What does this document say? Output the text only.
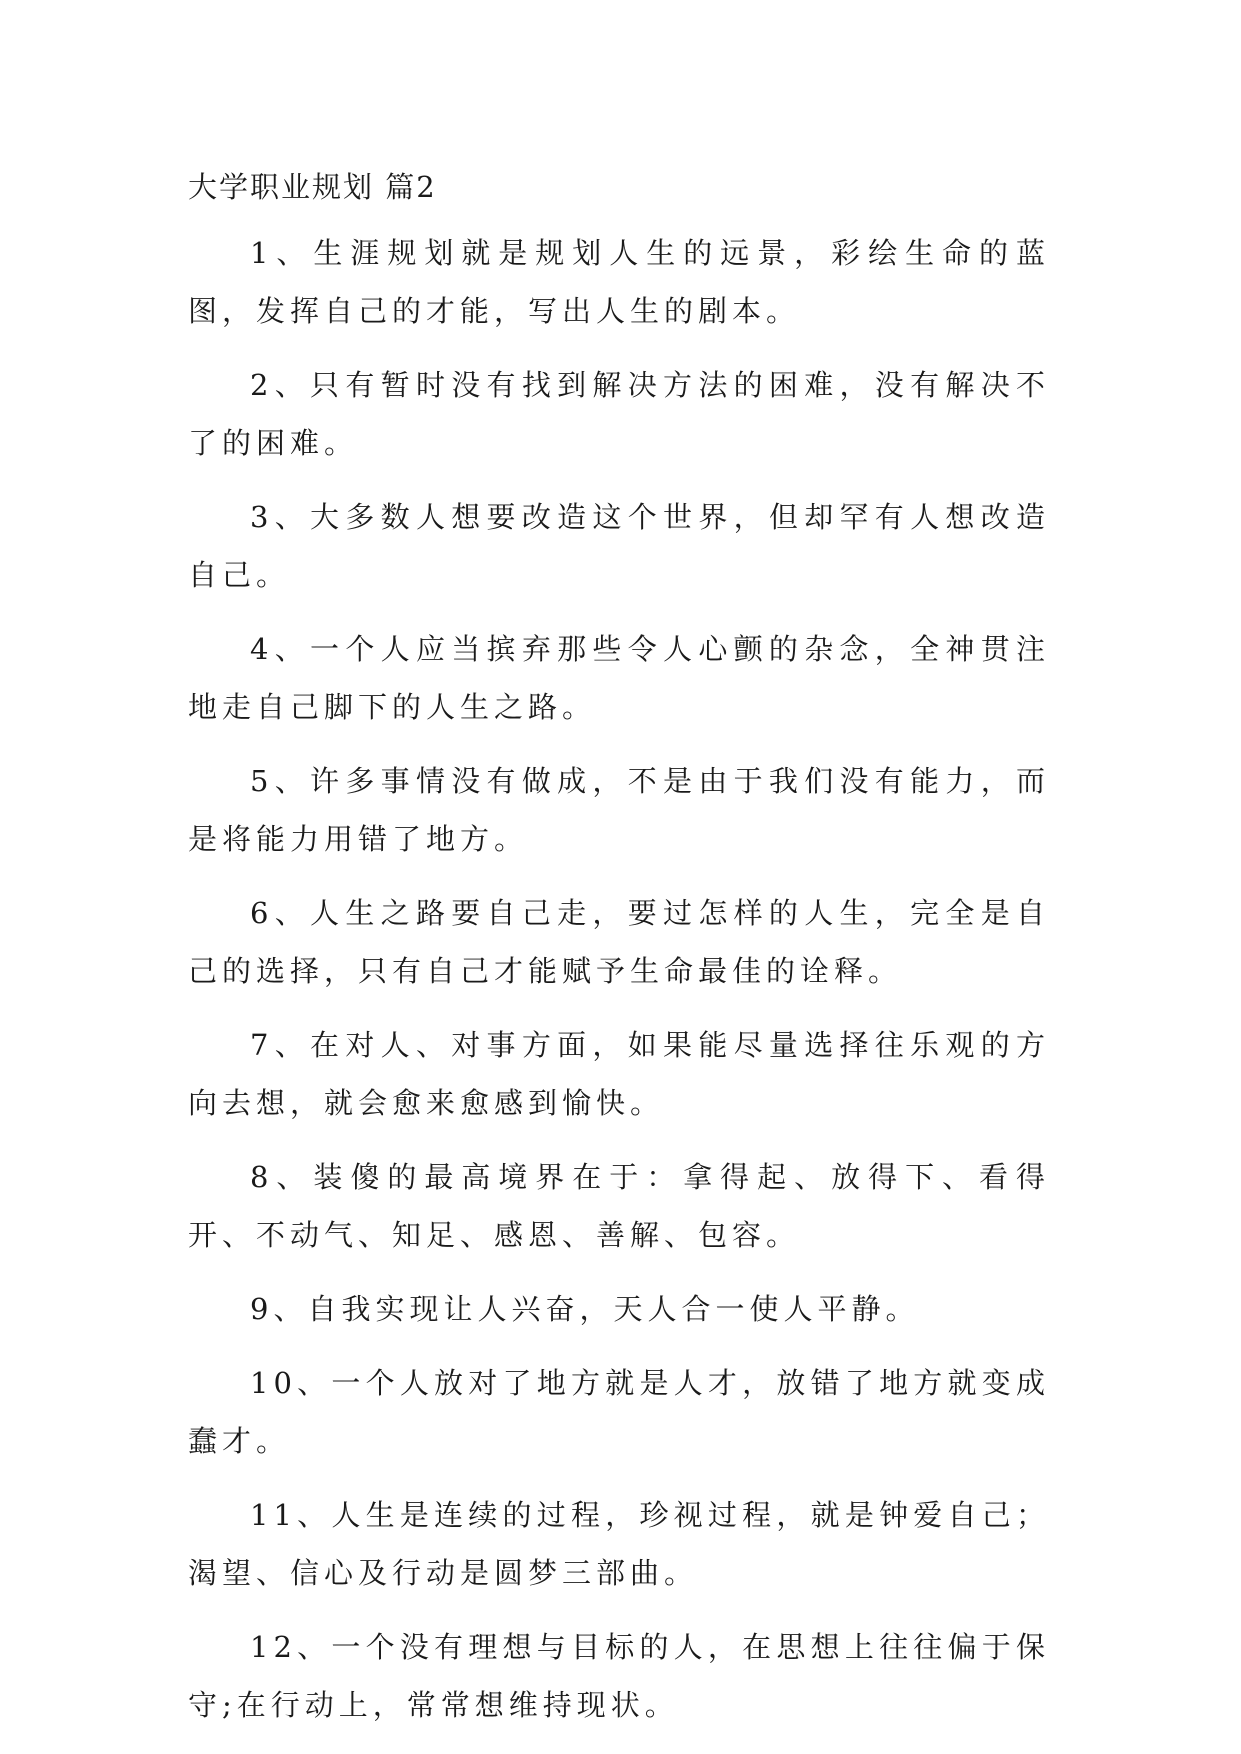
大学职业规划 篇2

1、生涯规划就是规划人生的远景，彩绘生命的蓝图，发挥自己的才能，写出人生的剧本。

2、只有暂时没有找到解决方法的困难，没有解决不了的困难。

3、大多数人想要改造这个世界，但却罕有人想改造自己。

4、一个人应当摈弃那些令人心颤的杂念，全神贯注地走自己脚下的人生之路。

5、许多事情没有做成，不是由于我们没有能力，而是将能力用错了地方。

6、人生之路要自己走，要过怎样的人生，完全是自己的选择，只有自己才能赋予生命最佳的诠释。

7、在对人、对事方面，如果能尽量选择往乐观的方向去想，就会愈来愈感到愉快。

8、装傻的最高境界在于：拿得起、放得下、看得开、不动气、知足、感恩、善解、包容。

9、自我实现让人兴奋，天人合一使人平静。

10、一个人放对了地方就是人才，放错了地方就变成蠢才。

11、人生是连续的过程，珍视过程，就是钟爱自己；渴望、信心及行动是圆梦三部曲。

12、一个没有理想与目标的人，在思想上往往偏于保守;在行动上，常常想维持现状。
